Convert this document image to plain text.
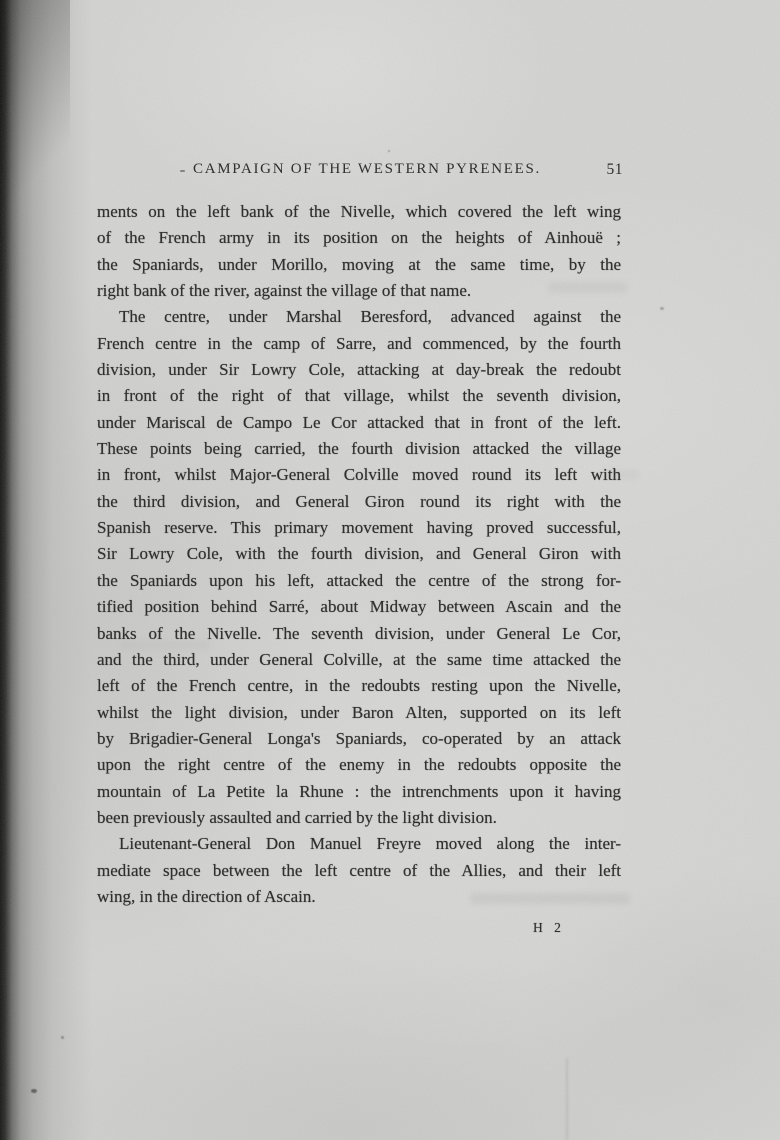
CAMPAIGN OF THE WESTERN PYRENEES.	51
ments on the left bank of the Nivelle, which covered the left wing
of the French army in its position on the heights of Ainhouë ;
the Spaniards, under Morillo, moving at the same time, by the
right bank of the river, against the village of that name.
The centre, under Marshal Beresford, advanced against the
French centre in the camp of Sarre, and commenced, by the fourth
division, under Sir Lowry Cole, attacking at day-break the redoubt
in front of the right of that village, whilst the seventh division,
under Mariscal de Campo Le Cor attacked that in front of the left.
These points being carried, the fourth division attacked the village
in front, whilst Major-General Colville moved round its left with
the third division, and General Giron round its right with the
Spanish reserve. This primary movement having proved successful,
Sir Lowry Cole, with the fourth division, and General Giron with
the Spaniards upon his left, attacked the centre of the strong for-
tified position behind Sarré, about Midway between Ascain and the
banks of the Nivelle. The seventh division, under General Le Cor,
and the third, under General Colville, at the same time attacked the
left of the French centre, in the redoubts resting upon the Nivelle,
whilst the light division, under Baron Alten, supported on its left
by Brigadier-General Longa's Spaniards, co-operated by an attack
upon the right centre of the enemy in the redoubts opposite the
mountain of La Petite la Rhune : the intrenchments upon it having
been previously assaulted and carried by the light division.
Lieutenant-General Don Manuel Freyre moved along the inter-
mediate space between the left centre of the Allies, and their left
wing, in the direction of Ascain.
H 2
